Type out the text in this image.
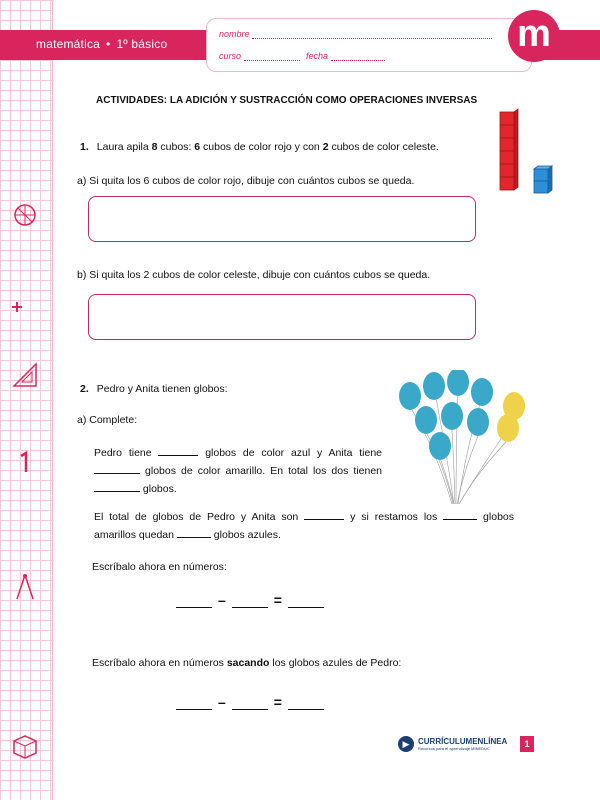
matemática • 1º básico
nombre
curso	fecha
m
ACTIVIDADES: LA ADICIÓN Y SUSTRACCIÓN COMO OPERACIONES INVERSAS
1. Laura apila 8 cubos: 6 cubos de color rojo y con 2 cubos de color celeste.
a) Si quita los 6 cubos de color rojo, dibuje con cuántos cubos se queda.
b) Si quita los 2 cubos de color celeste, dibuje con cuántos cubos se queda.
2. Pedro y Anita tienen globos:
a) Complete:
Pedro tiene	globos de color azul y Anita tiene  globos de color amarillo. En total los dos tienen  globos.
El total de globos de Pedro y Anita son	y si restamos los	globos amarillos quedan	globos azules.
Escríbalo ahora en números:
–	=
Escríbalo ahora en números sacando los globos azules de Pedro:
–	=
▶	CURRÍCULUMENLÍNEA
Recursos para el aprendizaje MINEDUC	1
